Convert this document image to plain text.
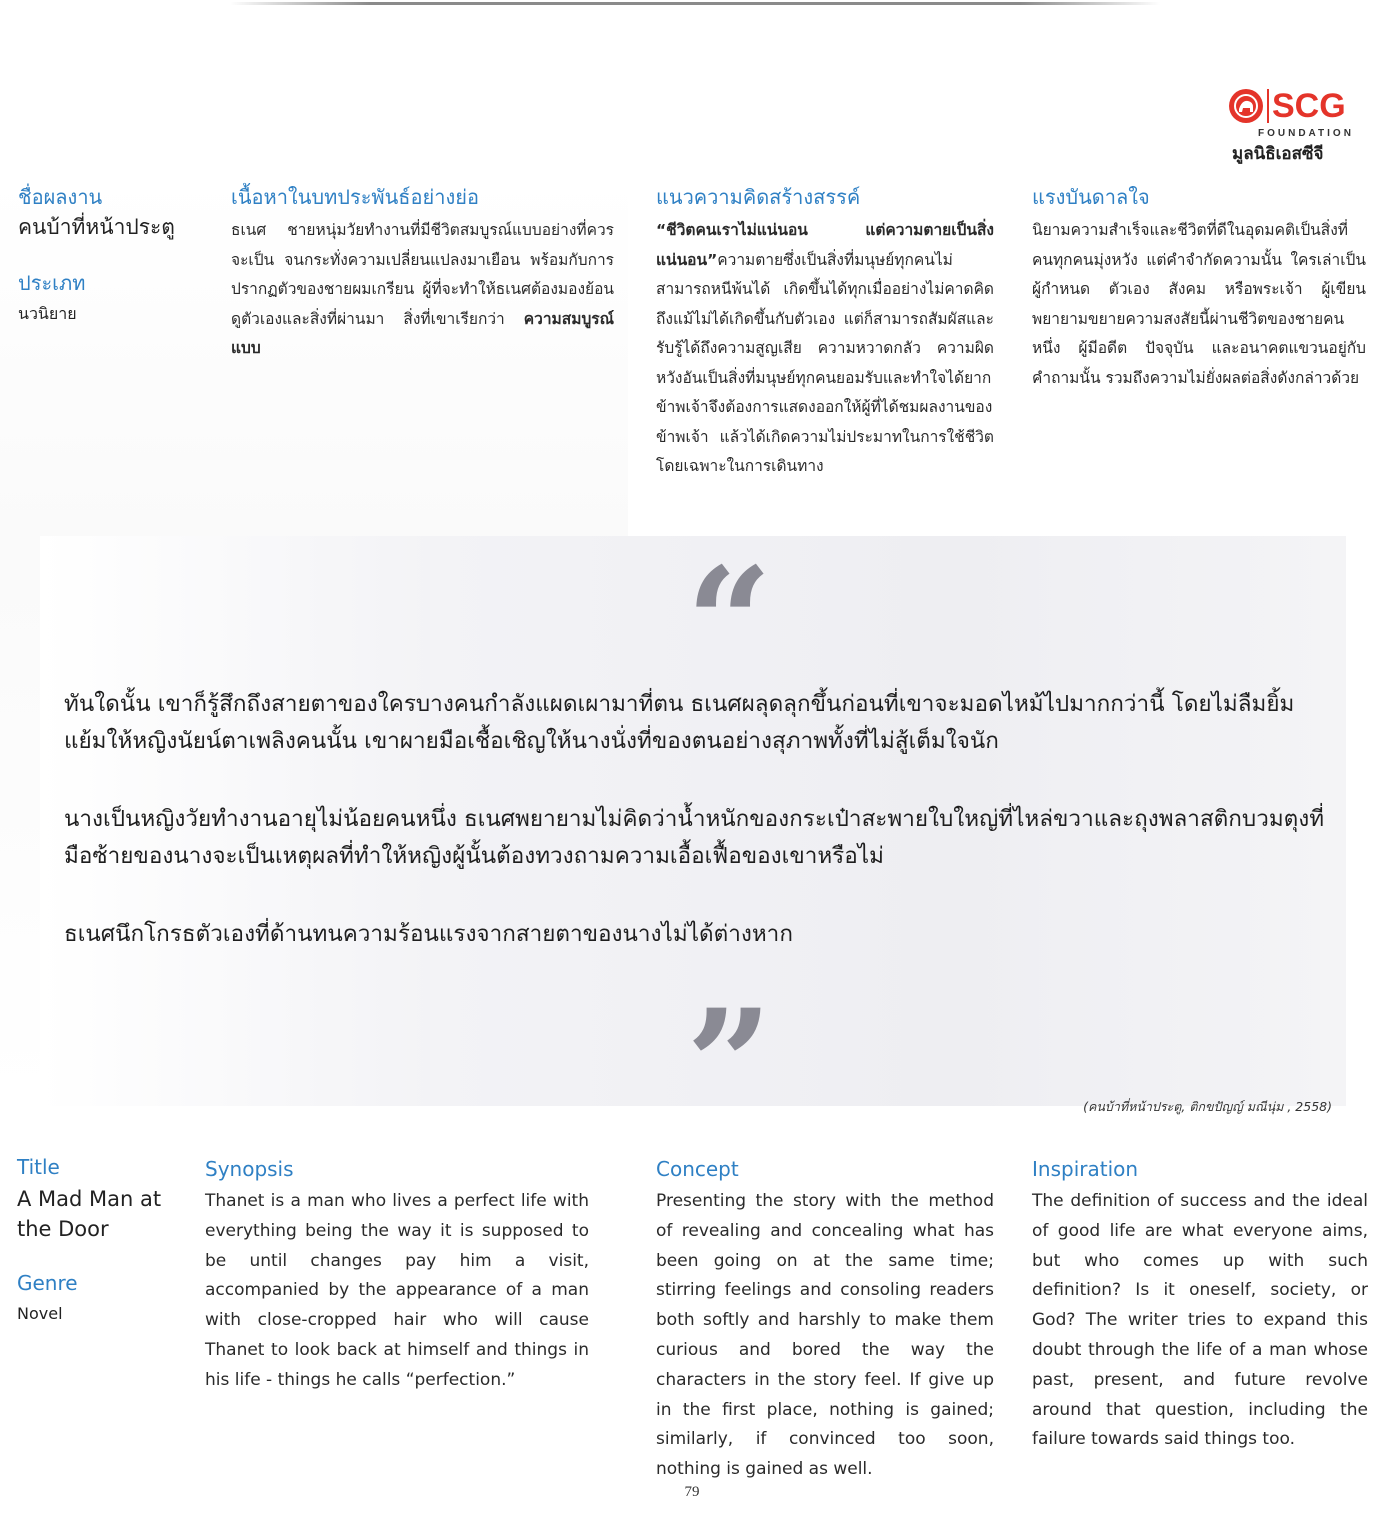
SCG
FOUNDATION
มูลนิธิเอสซีจี
ชื่อผลงาน
คนบ้าที่หน้าประตู
ประเภท
นวนิยาย
เนื้อหาในบทประพันธ์อย่างย่อ
ธเนศ ชายหนุ่มวัยทำงานที่มีชีวิตสมบูรณ์แบบอย่างที่ควรจะเป็น จนกระทั่งความเปลี่ยนแปลงมาเยือน พร้อมกับการปรากฏตัวของชายผมเกรียน ผู้ที่จะทำให้ธเนศต้องมองย้อนดูตัวเองและสิ่งที่ผ่านมา สิ่งที่เขาเรียกว่า ความสมบูรณ์แบบ
แนวความคิดสร้างสรรค์
“ชีวิตคนเราไม่แน่นอน แต่ความตายเป็นสิ่งแน่นอน”ความตายซึ่งเป็นสิ่งที่มนุษย์ทุกคนไม่สามารถหนีพ้นได้ เกิดขึ้นได้ทุกเมื่ออย่างไม่คาดคิด ถึงแม้ไม่ได้เกิดขึ้นกับตัวเอง แต่ก็สามารถสัมผัสและรับรู้ได้ถึงความสูญเสีย ความหวาดกลัว ความผิดหวังอันเป็นสิ่งที่มนุษย์ทุกคนยอมรับและทำใจได้ยาก ข้าพเจ้าจึงต้องการแสดงออกให้ผู้ที่ได้ชมผลงานของข้าพเจ้า แล้วได้เกิดความไม่ประมาทในการใช้ชีวิต โดยเฉพาะในการเดินทาง
แรงบันดาลใจ
นิยามความสำเร็จและชีวิตที่ดีในอุดมคติเป็นสิ่งที่คนทุกคนมุ่งหวัง แต่คำจำกัดความนั้น ใครเล่าเป็นผู้กำหนด ตัวเอง สังคม หรือพระเจ้า ผู้เขียนพยายามขยายความสงสัยนี้ผ่านชีวิตของชายคนหนึ่ง ผู้มีอดีต ปัจจุบัน และอนาคตแขวนอยู่กับคำถามนั้น รวมถึงความไม่ยั่งผลต่อสิ่งดังกล่าวด้วย
“
ทันใดนั้น เขาก็รู้สึกถึงสายตาของใครบางคนกำลังแผดเผามาที่ตน ธเนศผลุดลุกขึ้นก่อนที่เขาจะมอดไหม้ไปมากกว่านี้ โดยไม่ลืมยิ้มแย้มให้หญิงนัยน์ตาเพลิงคนนั้น เขาผายมือเชื้อเชิญให้นางนั่งที่ของตนอย่างสุภาพทั้งที่ไม่สู้เต็มใจนัก
นางเป็นหญิงวัยทำงานอายุไม่น้อยคนหนึ่ง ธเนศพยายามไม่คิดว่าน้ำหนักของกระเป๋าสะพายใบใหญ่ที่ไหล่ขวาและถุงพลาสติกบวมตุงที่มือซ้ายของนางจะเป็นเหตุผลที่ทำให้หญิงผู้นั้นต้องทวงถามความเอื้อเฟื้อของเขาหรือไม่
ธเนศนึกโกรธตัวเองที่ด้านทนความร้อนแรงจากสายตาของนางไม่ได้ต่างหาก
”	(คนบ้าที่หน้าประตู, ติกขปัญญ์ มณีนุ่ม , 2558)
Title
A Mad Man at the Door
Genre
Novel
Synopsis
Thanet is a man who lives a perfect life with everything being the way it is supposed to be until changes pay him a visit, accompanied by the appearance of a man with close-cropped hair who will cause Thanet to look back at himself and things in his life - things he calls “perfection.”
Concept
Presenting the story with the method of revealing and concealing what has been going on at the same time; stirring feelings and consoling readers both softly and harshly to make them curious and bored the way the characters in the story feel. If give up in the first place, nothing is gained; similarly, if convinced too soon, nothing is gained as well.
Inspiration
The definition of success and the ideal of good life are what everyone aims, but who comes up with such definition? Is it oneself, society, or God? The writer tries to expand this doubt through the life of a man whose past, present, and future revolve around that question, including the failure towards said things too.
79
